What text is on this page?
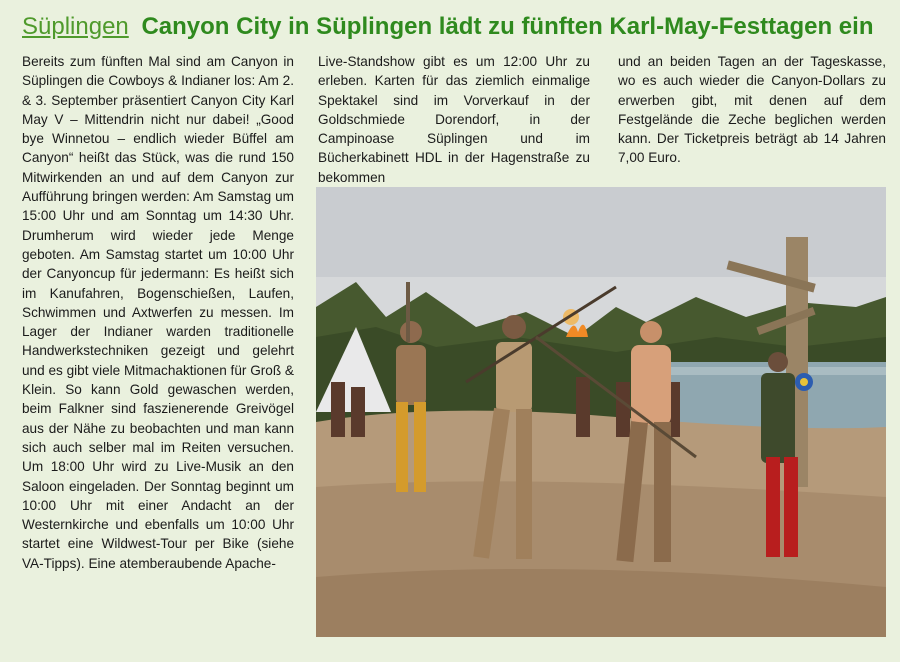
Süplingen Canyon City in Süplingen lädt zu fünften Karl-May-Festtagen ein
Bereits zum fünften Mal sind am Canyon in Süplingen die Cowboys & Indianer los: Am 2. & 3. September präsentiert Canyon City Karl May V – Mittendrin nicht nur dabei! „Good bye Winnetou – endlich wieder Büffel am Canyon“ heißt das Stück, was die rund 150 Mitwirkenden an und auf dem Canyon zur Aufführung bringen werden: Am Samstag um 15:00 Uhr und am Sonntag um 14:30 Uhr. Drumherum wird wieder jede Menge geboten. Am Samstag startet um 10:00 Uhr der Canyoncup für jedermann: Es heißt sich im Kanufahren, Bogenschießen, Laufen, Schwimmen und Axtwerfen zu messen. Im Lager der Indianer warden traditionelle Handwerkstechniken gezeigt und gelehrt und es gibt viele Mitmachaktionen für Groß & Klein. So kann Gold gewaschen werden, beim Falkner sind faszienerende Greivögel aus der Nähe zu beobachten und man kann sich auch selber mal im Reiten versuchen. Um 18:00 Uhr wird zu Live-Musik an den Saloon eingeladen. Der Sonntag beginnt um 10:00 Uhr mit einer Andacht an der Westernkirche und ebenfalls um 10:00 Uhr startet eine Wildwest-Tour per Bike (siehe VA-Tipps). Eine atemberaubende Apache-
Live-Standshow gibt es um 12:00 Uhr zu erleben. Karten für das ziemlich einmalige Spektakel sind im Vorverkauf in der Goldschmiede Dorendorf, in der Campinoase Süplingen und im Bücherkabinett HDL in der Hagenstraße zu bekommen
und an beiden Tagen an der Tageskasse, wo es auch wieder die Canyon-Dollars zu erwerben gibt, mit denen auf dem Festgelände die Zeche beglichen werden kann. Der Ticketpreis beträgt ab 14 Jahren 7,00 Euro.
